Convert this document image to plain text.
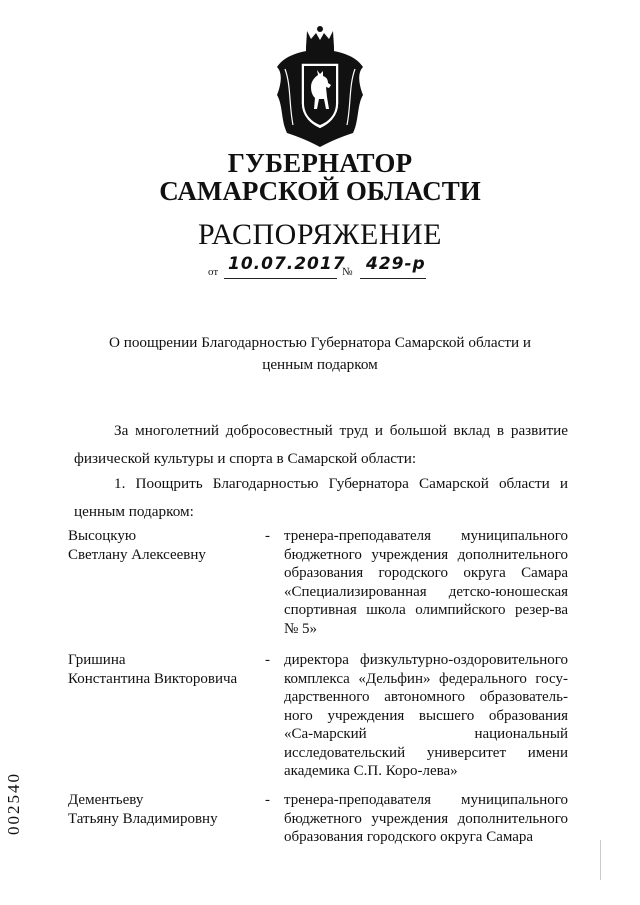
ГУБЕРНАТОР
САМАРСКОЙ ОБЛАСТИ
РАСПОРЯЖЕНИЕ
от 10.07.2017
№ 429-р
О поощрении Благодарностью Губернатора Самарской области и
ценным подарком
За многолетний добросовестный труд и большой вклад в развитие
физической культуры и спорта в Самарской области:
1. Поощрить Благодарностью Губернатора Самарской области и
ценным подарком:
Высоцкую
Светлану Алексеевну
- тренера-преподавателя муниципального бюджетного учреждения дополнительного образования городского округа Самара «Специализированная детско-юношеская спортивная школа олимпийского резер-ва № 5»
Гришина
Константина Викторовича
- директора физкультурно-оздоровительного комплекса «Дельфин» федерального госу-дарственного автономного образователь-ного учреждения высшего образования «Са-марский национальный исследовательский университет имени академика С.П. Коро-лева»
Дементьеву
Татьяну Владимировну
- тренера-преподавателя муниципального бюджетного учреждения дополнительного образования городского округа Самара
002540
